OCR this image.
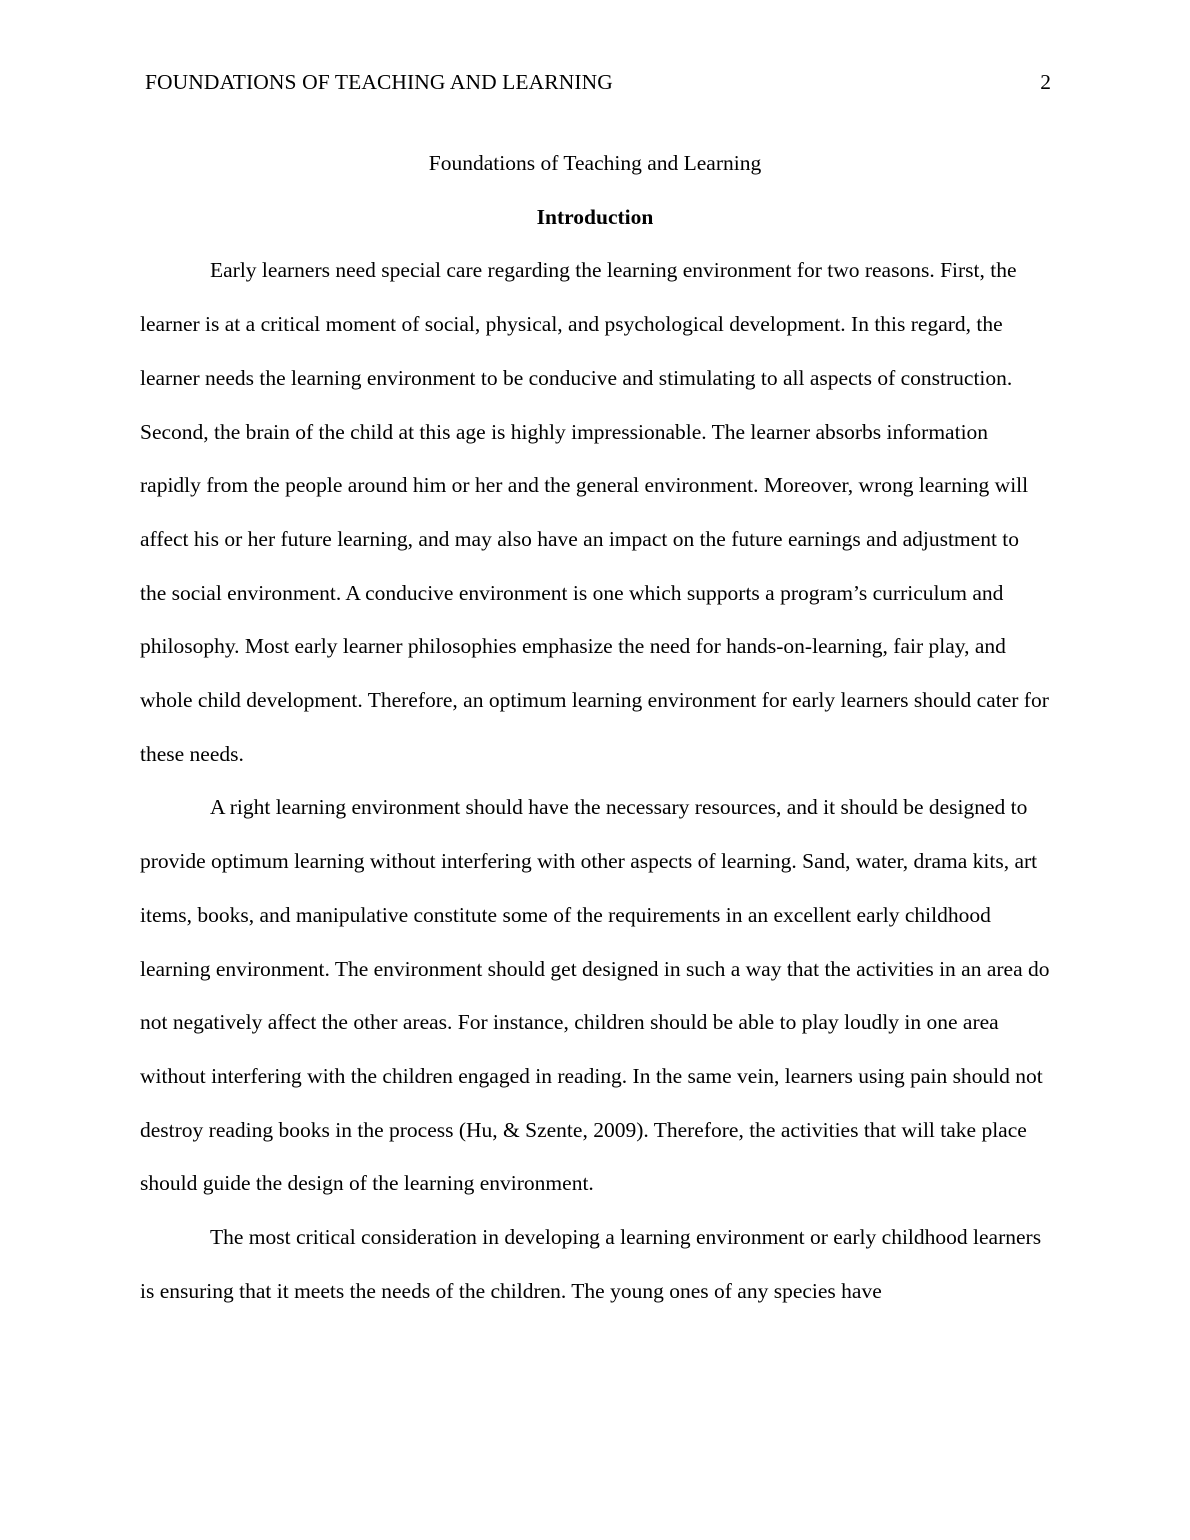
FOUNDATIONS OF TEACHING AND LEARNING	2
Foundations of Teaching and Learning
Introduction

Early learners need special care regarding the learning environment for two reasons. First, the learner is at a critical moment of social, physical, and psychological development. In this regard, the learner needs the learning environment to be conducive and stimulating to all aspects of construction. Second, the brain of the child at this age is highly impressionable. The learner absorbs information rapidly from the people around him or her and the general environment. Moreover, wrong learning will affect his or her future learning, and may also have an impact on the future earnings and adjustment to the social environment. A conducive environment is one which supports a program’s curriculum and philosophy. Most early learner philosophies emphasize the need for hands-on-learning, fair play, and whole child development. Therefore, an optimum learning environment for early learners should cater for these needs.

A right learning environment should have the necessary resources, and it should be designed to provide optimum learning without interfering with other aspects of learning. Sand, water, drama kits, art items, books, and manipulative constitute some of the requirements in an excellent early childhood learning environment. The environment should get designed in such a way that the activities in an area do not negatively affect the other areas. For instance, children should be able to play loudly in one area without interfering with the children engaged in reading. In the same vein, learners using pain should not destroy reading books in the process (Hu, & Szente, 2009). Therefore, the activities that will take place should guide the design of the learning environment.

The most critical consideration in developing a learning environment or early childhood learners is ensuring that it meets the needs of the children. The young ones of any species have
